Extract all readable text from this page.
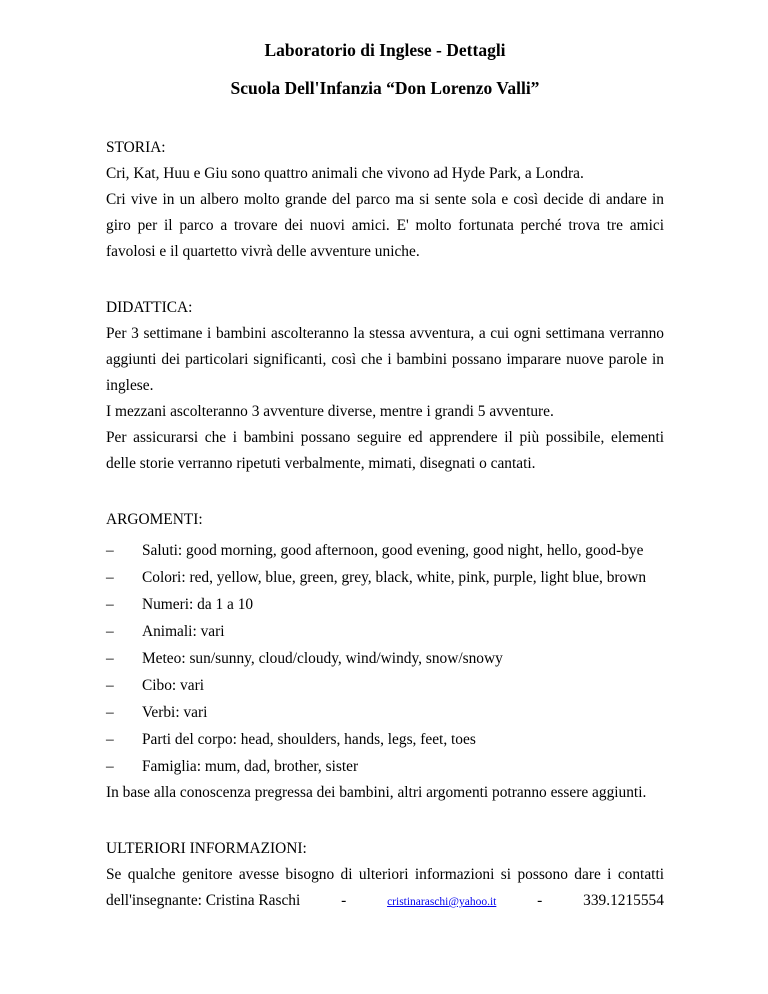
Laboratorio di Inglese - Dettagli

Scuola Dell'Infanzia “Don Lorenzo Valli”

STORIA:

Cri, Kat, Huu e Giu sono quattro animali che vivono ad Hyde Park, a Londra.

Cri vive in un albero molto grande del parco ma si sente sola e così decide di andare in giro per il parco a trovare dei nuovi amici. E' molto fortunata perché trova tre amici favolosi e il quartetto vivrà delle avventure uniche.

DIDATTICA:

Per 3 settimane i bambini ascolteranno la stessa avventura, a cui ogni settimana verranno aggiunti dei particolari significanti, così che i bambini possano imparare nuove parole in inglese.

I mezzani ascolteranno 3 avventure diverse, mentre i grandi 5 avventure.

Per assicurarsi che i bambini possano seguire ed apprendere il più possibile, elementi delle storie verranno ripetuti verbalmente, mimati, disegnati o cantati.

ARGOMENTI:

– Saluti: good morning, good afternoon, good evening, good night, hello, good-bye
– Colori: red, yellow, blue, green, grey, black, white, pink, purple, light blue, brown
– Numeri: da 1 a 10
– Animali: vari
– Meteo: sun/sunny, cloud/cloudy, wind/windy, snow/snowy
– Cibo: vari
– Verbi: vari
– Parti del corpo: head, shoulders, hands, legs, feet, toes
– Famiglia: mum, dad, brother, sister

In base alla conoscenza pregressa dei bambini, altri argomenti potranno essere aggiunti.

ULTERIORI INFORMAZIONI:

Se qualche genitore avesse bisogno di ulteriori informazioni si possono dare i contatti

dell'insegnante: Cristina Raschi	-	cristinaraschi@yahoo.it	-	339.1215554
